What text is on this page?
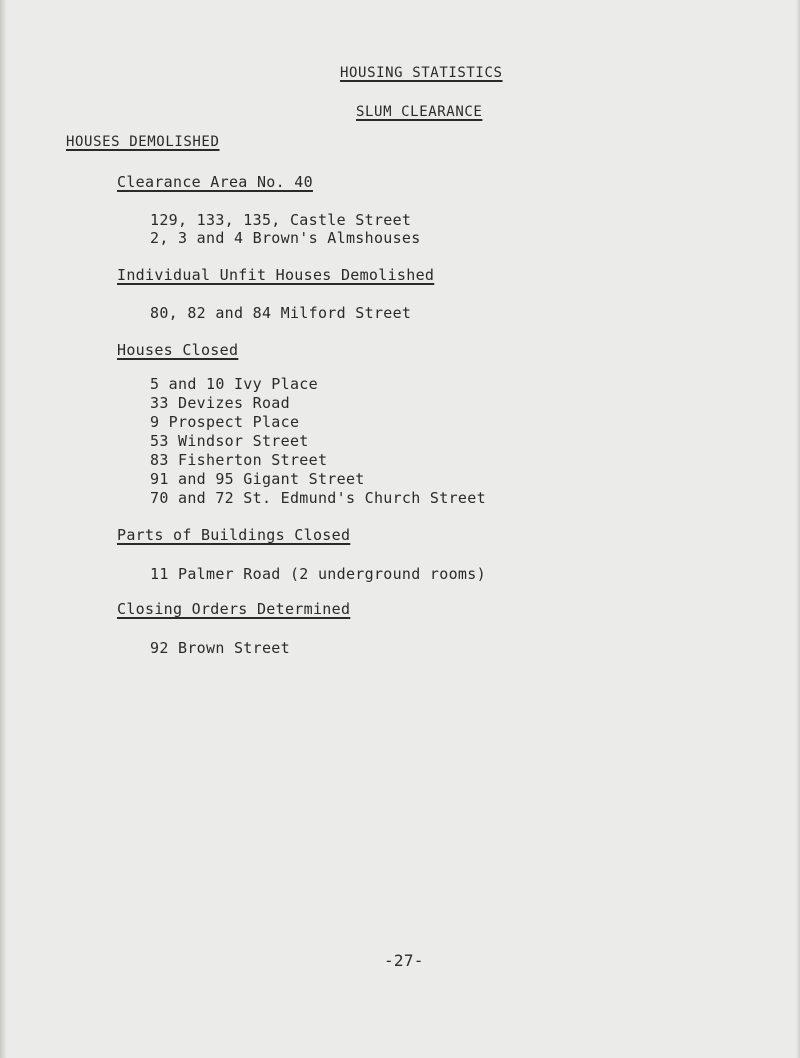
HOUSING STATISTICS
SLUM CLEARANCE
HOUSES DEMOLISHED
Clearance Area No. 40
129, 133, 135, Castle Street
2, 3 and 4 Brown's Almshouses
Individual Unfit Houses Demolished
80, 82 and 84 Milford Street
Houses Closed
5 and 10 Ivy Place
33 Devizes Road
9 Prospect Place
53 Windsor Street
83 Fisherton Street
91 and 95 Gigant Street
70 and 72 St. Edmund's Church Street
Parts of Buildings Closed
11 Palmer Road (2 underground rooms)
Closing Orders Determined
92 Brown Street
-27-
